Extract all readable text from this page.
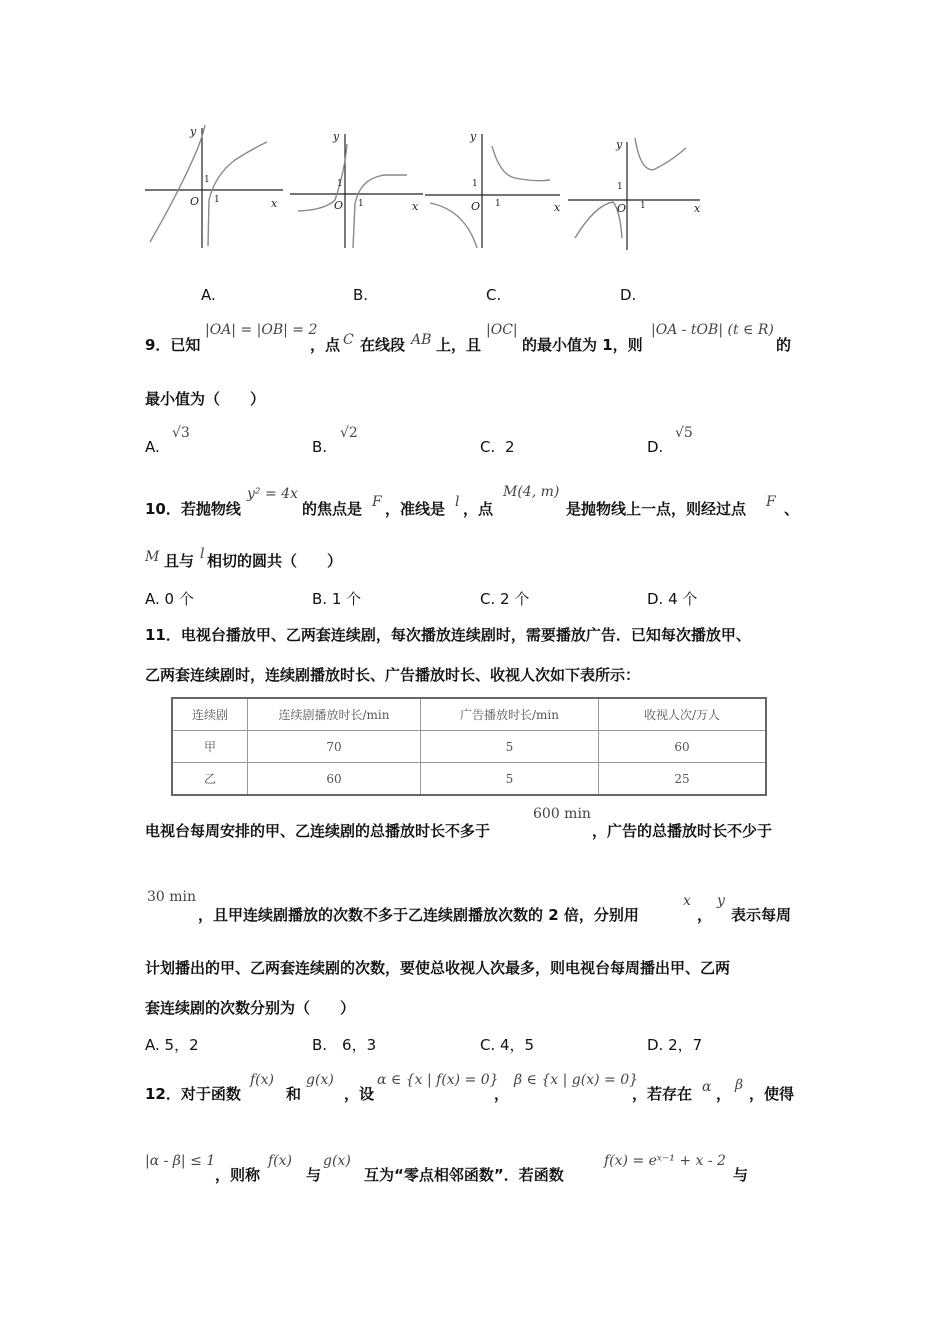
y
x
O
y
x
O
y
x
O
y
x
O
1
1
1
1
1
1
1
1
A.	B.	C.	D.
9．已知
|OA| = |OB| = 2
，点 C 在线段 AB 上，且
|OC|
的最小值为 1，则
|OA - tOB| (t ∈ R)
的
最小值为（　　）
A.
√3
B.
√2
C. 2	D.
√5
10．若抛物线
y² = 4x
的焦点是 F ，准线是 l ，点
M(4, m)
是抛物线上一点，则经过点 F 、
M 且与 l 相切的圆共（　　）
A. 0 个	B. 1 个	C. 2 个	D. 4 个
11．电视台播放甲、乙两套连续剧，每次播放连续剧时，需要播放广告．已知每次播放甲、
乙两套连续剧时，连续剧播放时长、广告播放时长、收视人次如下表所示：
连续剧	连续剧播放时长/min	广告播放时长/min	收视人次/万人
甲	70	5	60
乙	60	5	25
电视台每周安排的甲、乙连续剧的总播放时长不多于
600 min
，广告的总播放时长不少于
30 min
，且甲连续剧播放的次数不多于乙连续剧播放次数的 2 倍，分别用
x
，
y
表示每周
计划播出的甲、乙两套连续剧的次数，要使总收视人次最多，则电视台每周播出甲、乙两
套连续剧的次数分别为（　　）
A. 5，2	B.　6，3	C. 4，5	D. 2，7
12．对于函数
f(x)
和
g(x)
，设
α ∈ {x | f(x) = 0}
，
β ∈ {x | g(x) = 0}
，若存在 α ， β ，使得
|α - β| ≤ 1
，则称
f(x)
与
g(x)
互为“零点相邻函数”．若函数
f(x) = eˣ⁻¹ + x - 2
与
